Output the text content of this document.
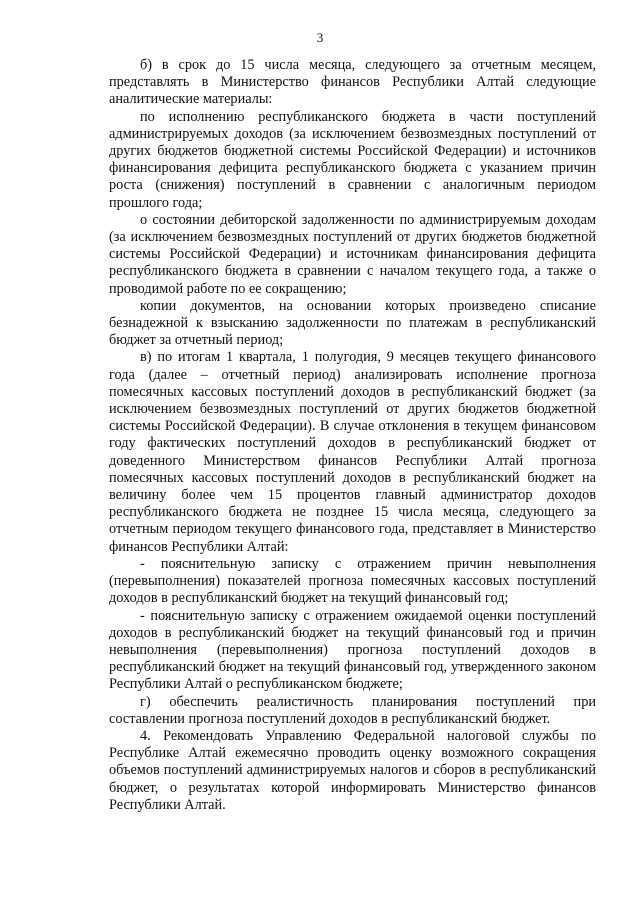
3

б) в срок до 15 числа месяца, следующего за отчетным месяцем, представлять в Министерство финансов Республики Алтай следующие аналитические материалы:

по исполнению республиканского бюджета в части поступлений администрируемых доходов (за исключением безвозмездных поступлений от других бюджетов бюджетной системы Российской Федерации) и источников финансирования дефицита республиканского бюджета с указанием причин роста (снижения) поступлений в сравнении с аналогичным периодом прошлого года;

о состоянии дебиторской задолженности по администрируемым доходам (за исключением безвозмездных поступлений от других бюджетов бюджетной системы Российской Федерации) и источникам финансирования дефицита республиканского бюджета в сравнении с началом текущего года, а также о проводимой работе по ее сокращению;

копии документов, на основании которых произведено списание безнадежной к взысканию задолженности по платежам в республиканский бюджет за отчетный период;

в) по итогам 1 квартала, 1 полугодия, 9 месяцев текущего финансового года (далее – отчетный период) анализировать исполнение прогноза помесячных кассовых поступлений доходов в республиканский бюджет (за исключением безвозмездных поступлений от других бюджетов бюджетной системы Российской Федерации). В случае отклонения в текущем финансовом году фактических поступлений доходов в республиканский бюджет от доведенного Министерством финансов Республики Алтай прогноза помесячных кассовых поступлений доходов в республиканский бюджет на величину более чем 15 процентов главный администратор доходов республиканского бюджета не позднее 15 числа месяца, следующего за отчетным периодом текущего финансового года, представляет в Министерство финансов Республики Алтай:

- пояснительную записку с отражением причин невыполнения (перевыполнения) показателей прогноза помесячных кассовых поступлений доходов в республиканский бюджет на текущий финансовый год;

- пояснительную записку с отражением ожидаемой оценки поступлений доходов в республиканский бюджет на текущий финансовый год и причин невыполнения (перевыполнения) прогноза поступлений доходов в республиканский бюджет на текущий финансовый год, утвержденного законом Республики Алтай о республиканском бюджете;

г) обеспечить реалистичность планирования поступлений при составлении прогноза поступлений доходов в республиканский бюджет.

4. Рекомендовать Управлению Федеральной налоговой службы по Республике Алтай ежемесячно проводить оценку возможного сокращения объемов поступлений администрируемых налогов и сборов в республиканский бюджет, о результатах которой информировать Министерство финансов Республики Алтай.
